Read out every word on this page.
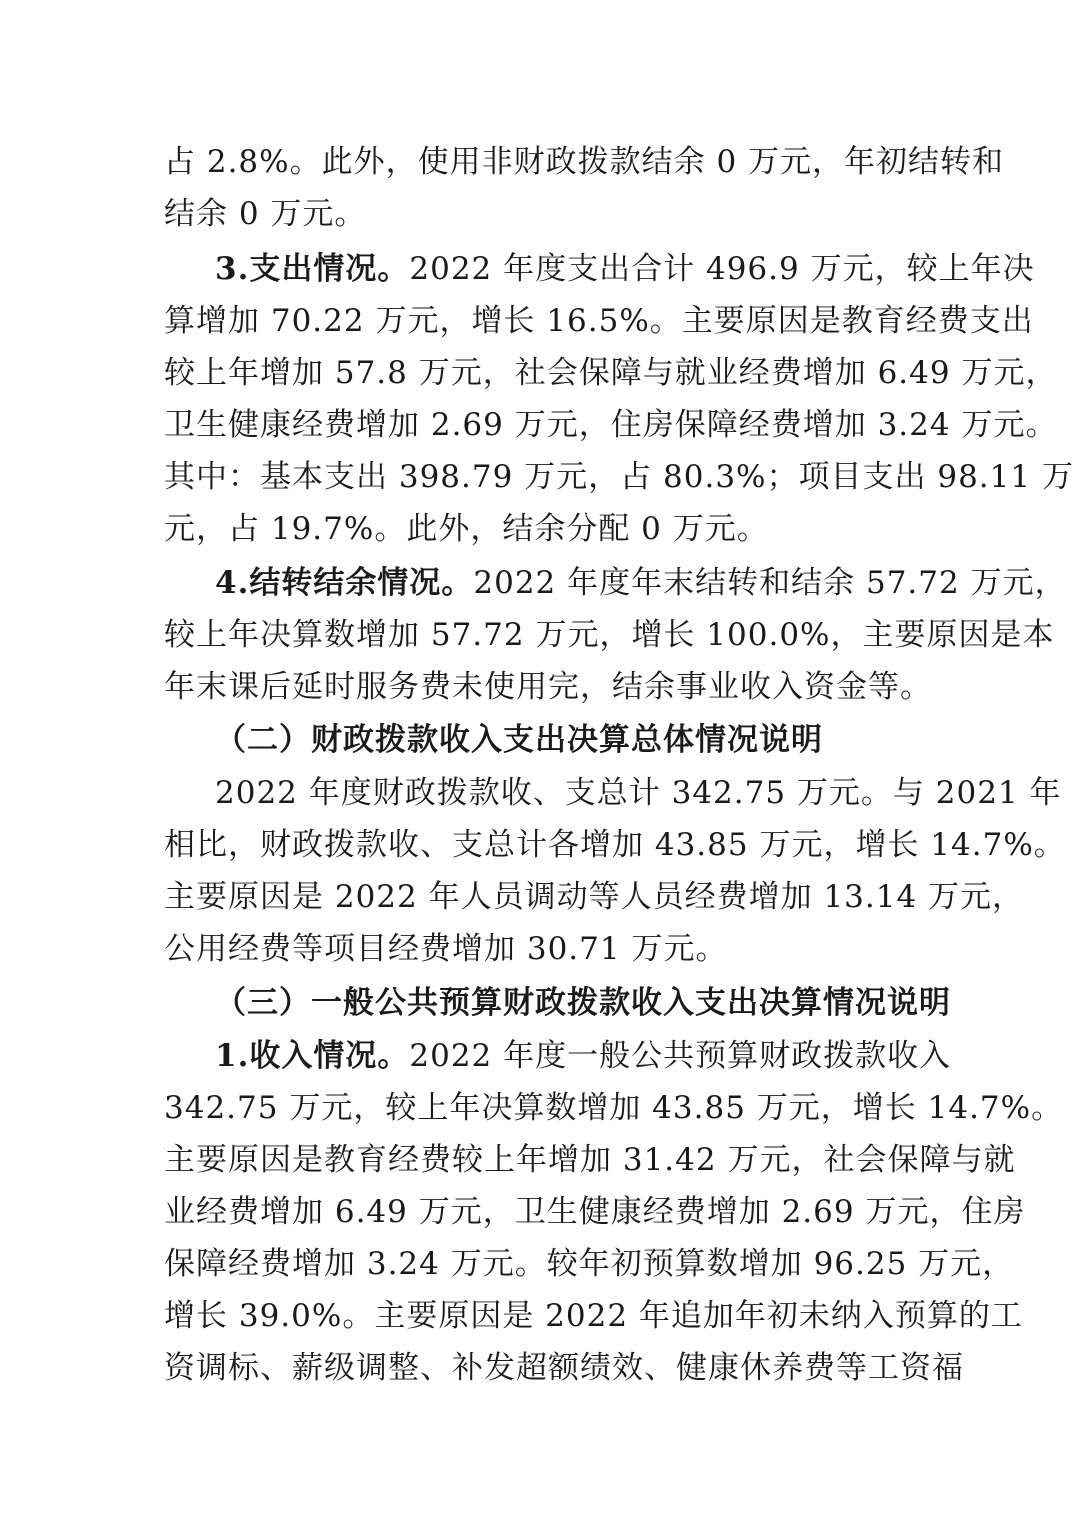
占 2.8%。此外，使用非财政拨款结余 0 万元，年初结转和

结余 0 万元。

3.支出情况。2022 年度支出合计 496.9 万元，较上年决

算增加 70.22 万元，增长 16.5%。主要原因是教育经费支出

较上年增加 57.8 万元，社会保障与就业经费增加 6.49 万元，

卫生健康经费增加 2.69 万元，住房保障经费增加 3.24 万元。

其中：基本支出 398.79 万元，占 80.3%；项目支出 98.11 万

元，占 19.7%。此外，结余分配 0 万元。

4.结转结余情况。2022 年度年末结转和结余 57.72 万元，

较上年决算数增加 57.72 万元，增长 100.0%，主要原因是本

年末课后延时服务费未使用完，结余事业收入资金等。

（二）财政拨款收入支出决算总体情况说明

2022 年度财政拨款收、支总计 342.75 万元。与 2021 年

相比，财政拨款收、支总计各增加 43.85 万元，增长 14.7%。

主要原因是 2022 年人员调动等人员经费增加 13.14 万元，

公用经费等项目经费增加 30.71 万元。

（三）一般公共预算财政拨款收入支出决算情况说明

1.收入情况。2022 年度一般公共预算财政拨款收入

342.75 万元，较上年决算数增加 43.85 万元，增长 14.7%。

主要原因是教育经费较上年增加 31.42 万元，社会保障与就

业经费增加 6.49 万元，卫生健康经费增加 2.69 万元，住房

保障经费增加 3.24 万元。较年初预算数增加 96.25 万元，

增长 39.0%。主要原因是 2022 年追加年初未纳入预算的工

资调标、薪级调整、补发超额绩效、健康休养费等工资福
